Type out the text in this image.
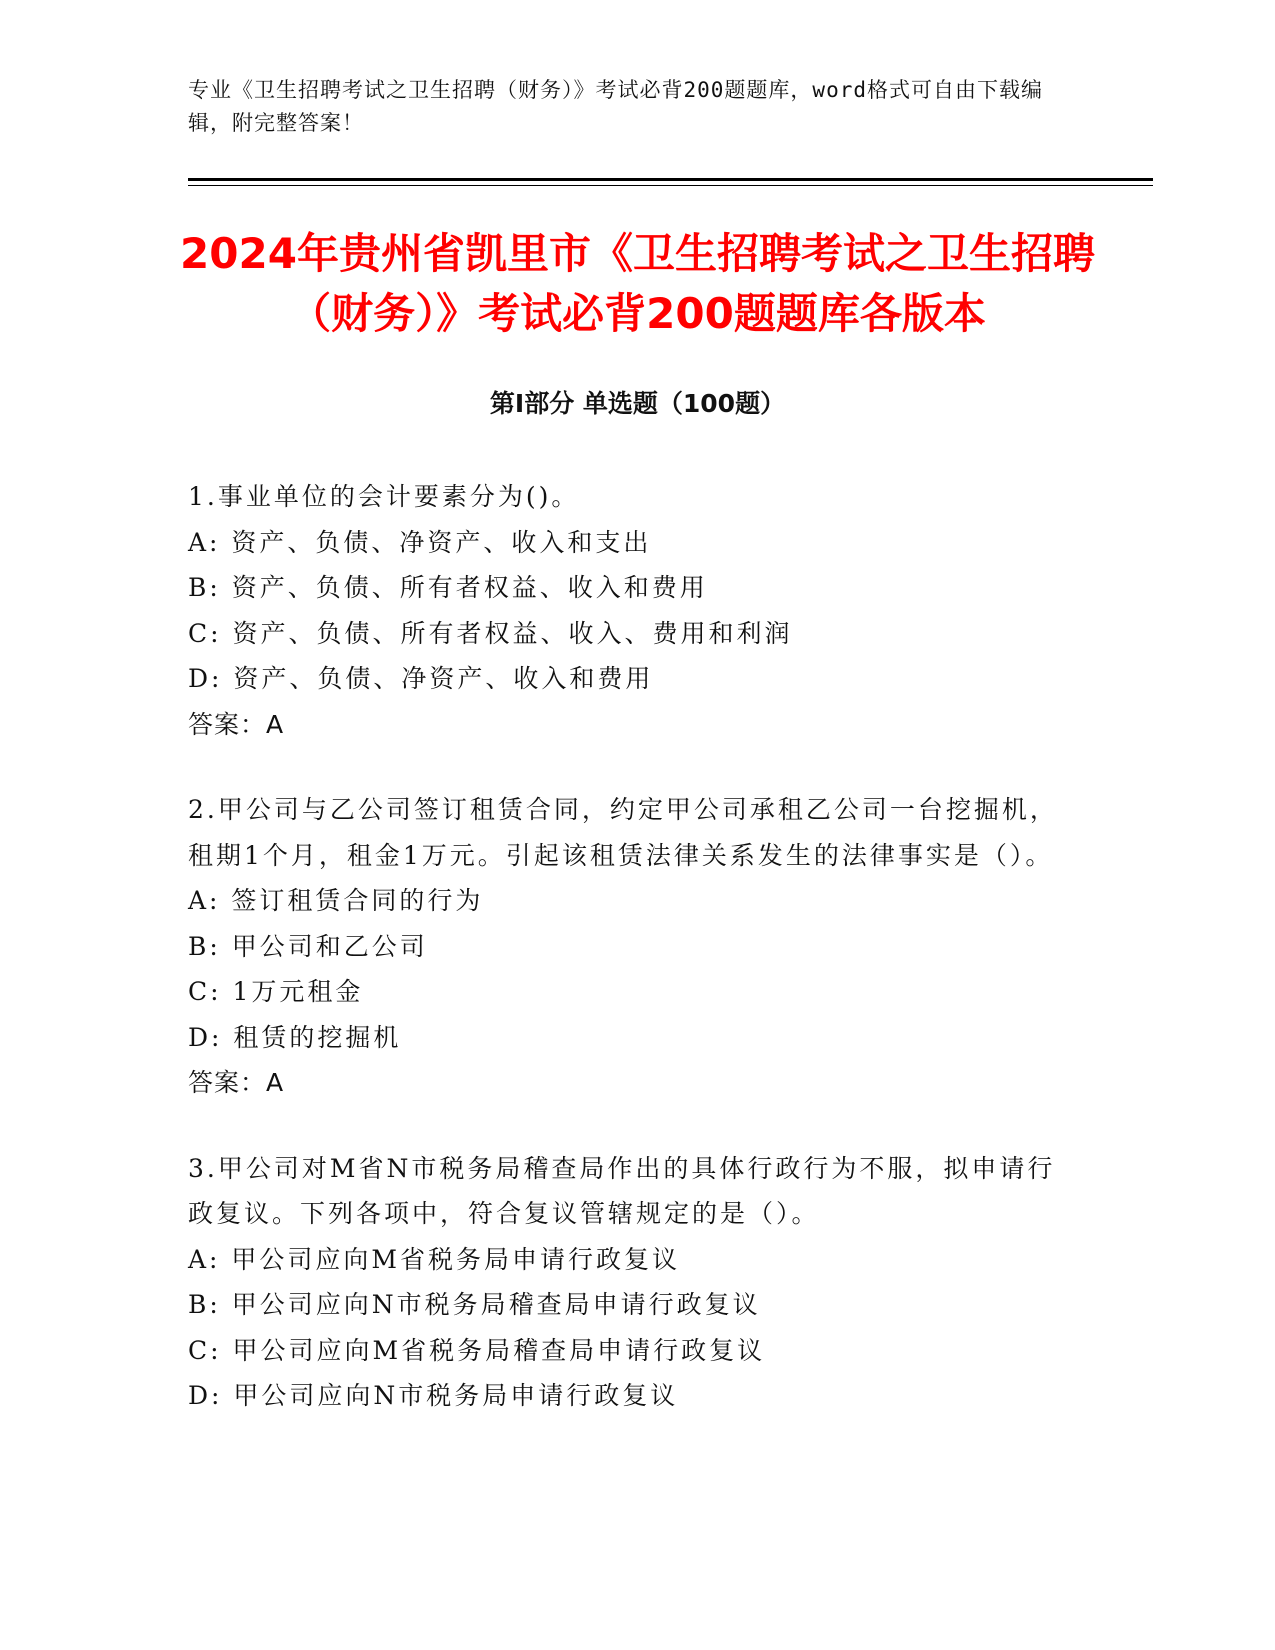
专业《卫生招聘考试之卫生招聘（财务）》考试必背200题题库，word格式可自由下载编辑，附完整答案！
2024年贵州省凯里市《卫生招聘考试之卫生招聘（财务）》考试必背200题题库各版本
第I部分 单选题（100题）
1.事业单位的会计要素分为()。
A: 资产、负债、净资产、收入和支出
B: 资产、负债、所有者权益、收入和费用
C: 资产、负债、所有者权益、收入、费用和利润
D: 资产、负债、净资产、收入和费用
答案：A
2.甲公司与乙公司签订租赁合同，约定甲公司承租乙公司一台挖掘机，租期1个月，租金1万元。引起该租赁法律关系发生的法律事实是（）。
A: 签订租赁合同的行为
B: 甲公司和乙公司
C: 1万元租金
D: 租赁的挖掘机
答案：A
3.甲公司对M省N市税务局稽查局作出的具体行政行为不服，拟申请行政复议。下列各项中，符合复议管辖规定的是（）。
A: 甲公司应向M省税务局申请行政复议
B: 甲公司应向N市税务局稽查局申请行政复议
C: 甲公司应向M省税务局稽查局申请行政复议
D: 甲公司应向N市税务局申请行政复议
